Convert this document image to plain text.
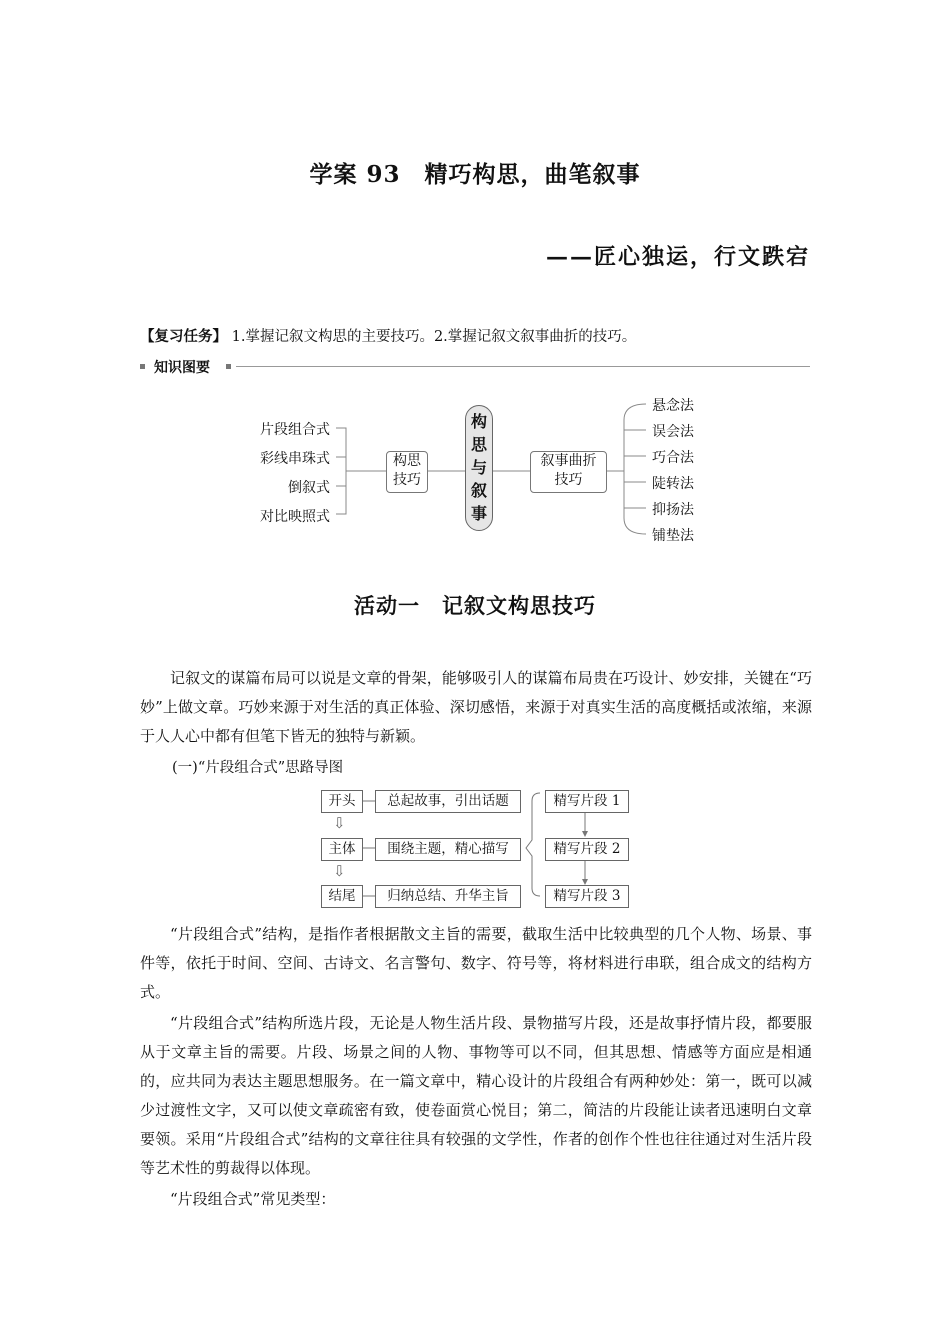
学案 93　精巧构思，曲笔叙事
——匠心独运，行文跌宕
【复习任务】 1.掌握记叙文构思的主要技巧。2.掌握记叙文叙事曲折的技巧。
知识图要
片段组合式
彩线串珠式
倒叙式
对比映照式
构思
技巧
构
思
与
叙
事
叙事曲折
技巧
悬念法
误会法
巧合法
陡转法
抑扬法
铺垫法
活动一　记叙文构思技巧

记叙文的谋篇布局可以说是文章的骨架，能够吸引人的谋篇布局贵在巧设计、妙安排，关键在“巧妙”上做文章。巧妙来源于对生活的真正体验、深切感悟，来源于对真实生活的高度概括或浓缩，来源于人人心中都有但笔下皆无的独特与新颖。

(一)“片段组合式”思路导图
开头
主体
结尾
⇩
⇩
总起故事，引出话题
围绕主题，精心描写
归纳总结、升华主旨
精写片段 1
精写片段 2
精写片段 3

“片段组合式”结构，是指作者根据散文主旨的需要，截取生活中比较典型的几个人物、场景、事件等，依托于时间、空间、古诗文、名言警句、数字、符号等，将材料进行串联，组合成文的结构方式。

“片段组合式”结构所选片段，无论是人物生活片段、景物描写片段，还是故事抒情片段，都要服从于文章主旨的需要。片段、场景之间的人物、事物等可以不同，但其思想、情感等方面应是相通的，应共同为表达主题思想服务。在一篇文章中，精心设计的片段组合有两种妙处：第一，既可以减少过渡性文字，又可以使文章疏密有致，使卷面赏心悦目；第二，简洁的片段能让读者迅速明白文章要领。采用“片段组合式”结构的文章往往具有较强的文学性，作者的创作个性也往往通过对生活片段等艺术性的剪裁得以体现。

“片段组合式”常见类型：
